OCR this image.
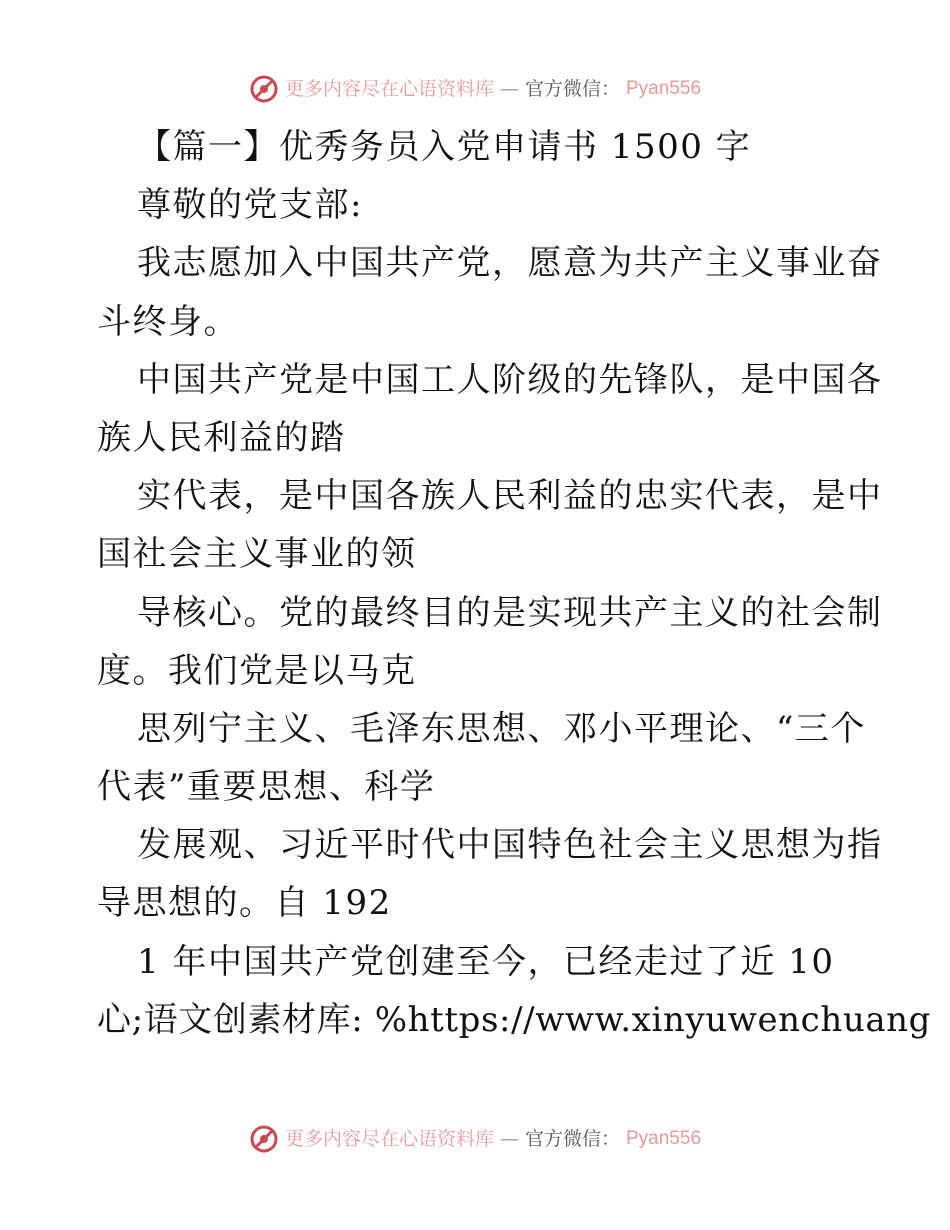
更多内容尽在心语资料库 — 官方微信： Pyan556
【篇一】优秀务员入党申请书 1500 字
尊敬的党支部:
我志愿加入中国共产党，愿意为共产主义事业奋
斗终身。
中国共产党是中国工人阶级的先锋队，是中国各
族人民利益的踏
实代表，是中国各族人民利益的忠实代表，是中
国社会主义事业的领
导核心。党的最终目的是实现共产主义的社会制
度。我们党是以马克
思列宁主义、毛泽东思想、邓小平理论、“三个
代表”重要思想、科学
发展观、习近平时代中国特色社会主义思想为指
导思想的。自 192
1 年中国共产党创建至今，已经走过了近 10
心;语文创素材库: %https://www.xinyuwenchuang
更多内容尽在心语资料库 — 官方微信： Pyan556
